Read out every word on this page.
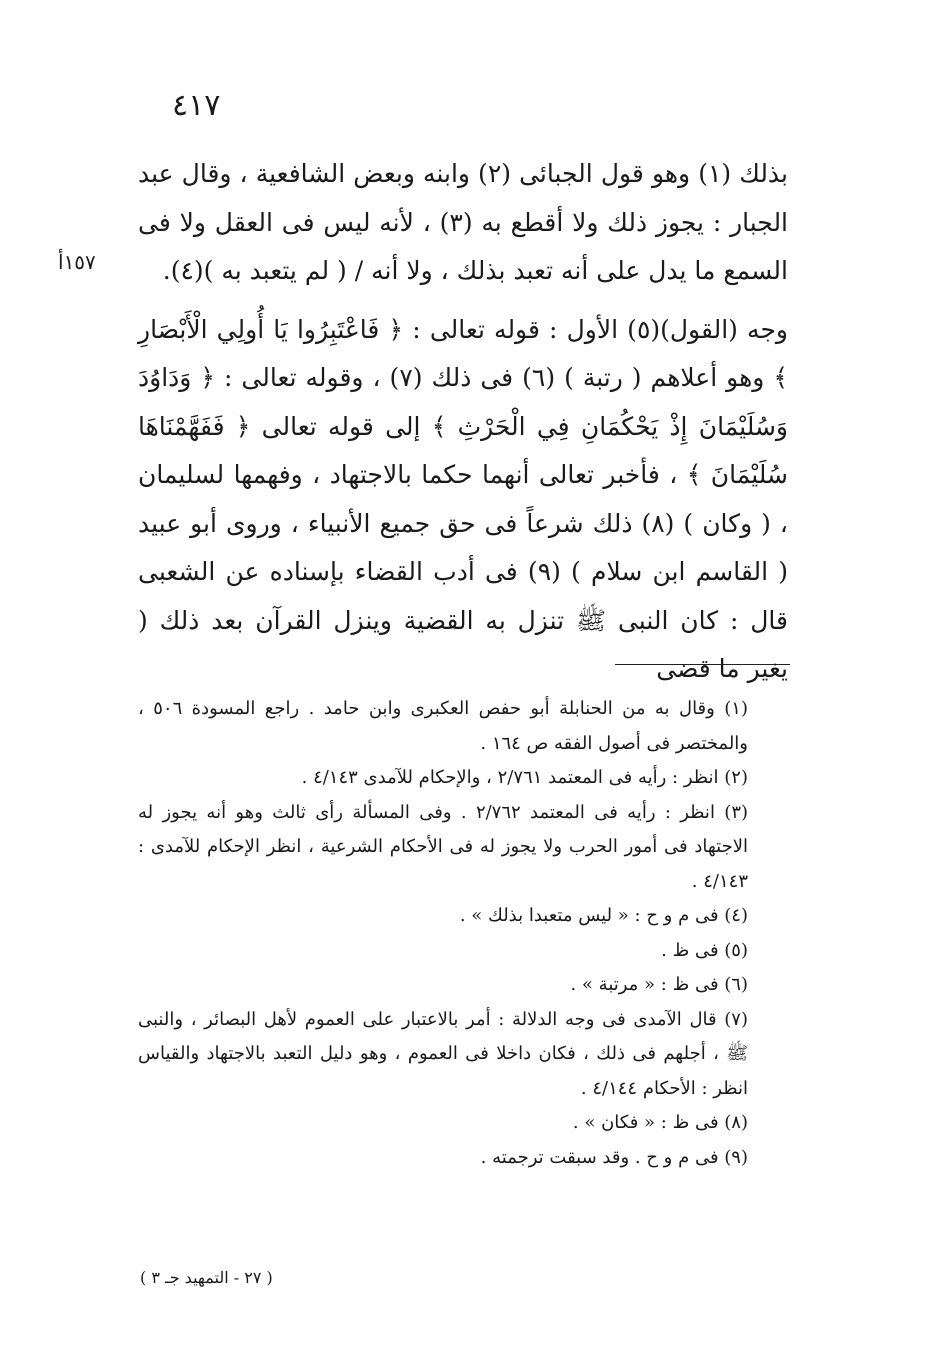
٤١٧
١٥٧أ

بذلك (١) وهو قول الجبائى (٢) وابنه وبعض الشافعية ، وقال عبد الجبار : يجوز ذلك ولا أقطع به (٣) ، لأنه ليس فى العقل ولا فى السمع ما يدل على أنه تعبد بذلك ، ولا أنه / ( لم يتعبد به )(٤).

وجه (القول)(٥) الأول : قوله تعالى : ﴿ فَاعْتَبِرُوا يَا أُولِي الْأَبْصَارِ ﴾ وهو أعلاهم ( رتبة ) (٦) فى ذلك (٧) ، وقوله تعالى : ﴿ وَدَاوُدَ وَسُلَيْمَانَ إِذْ يَحْكُمَانِ فِي الْحَرْثِ ﴾ إلى قوله تعالى ﴿ فَفَهَّمْنَاهَا سُلَيْمَانَ ﴾ ، فأخبر تعالى أنهما حكما بالاجتهاد ، وفهمها لسليمان ، ( وكان ) (٨) ذلك شرعاً فى حق جميع الأنبياء ، وروى أبو عبيد ( القاسم ابن سلام ) (٩) فى أدب القضاء بإسناده عن الشعبى قال : كان النبى ﷺ تنزل به القضية وينزل القرآن بعد ذلك ( يغير ما قضى

(١) وقال به من الحنابلة أبو حفص العكبرى وابن حامد . راجع المسودة ٥٠٦ ، والمختصر فى أصول الفقه ص ١٦٤ .

(٢) انظر : رأيه فى المعتمد ٢/٧٦١ ، والإحكام للآمدى ٤/١٤٣ .

(٣) انظر : رأيه فى المعتمد ٢/٧٦٢ . وفى المسألة رأى ثالث وهو أنه يجوز له الاجتهاد فى أمور الحرب ولا يجوز له فى الأحكام الشرعية ، انظر الإحكام للآمدى : ٤/١٤٣ .

(٤) فى م و ح : « ليس متعبدا بذلك » .

(٥) فى ظ .

(٦) فى ظ : « مرتبة » .

(٧) قال الآمدى فى وجه الدلالة : أمر بالاعتبار على العموم لأهل البصائر ، والنبى ﷺ ، أجلهم فى ذلك ، فكان داخلا فى العموم ، وهو دليل التعبد بالاجتهاد والقياس انظر : الأحكام ٤/١٤٤ .

(٨) فى ظ : « فكان » .

(٩) فى م و ح . وقد سبقت ترجمته .

( ٢٧ - التمهيد جـ ٣ )
